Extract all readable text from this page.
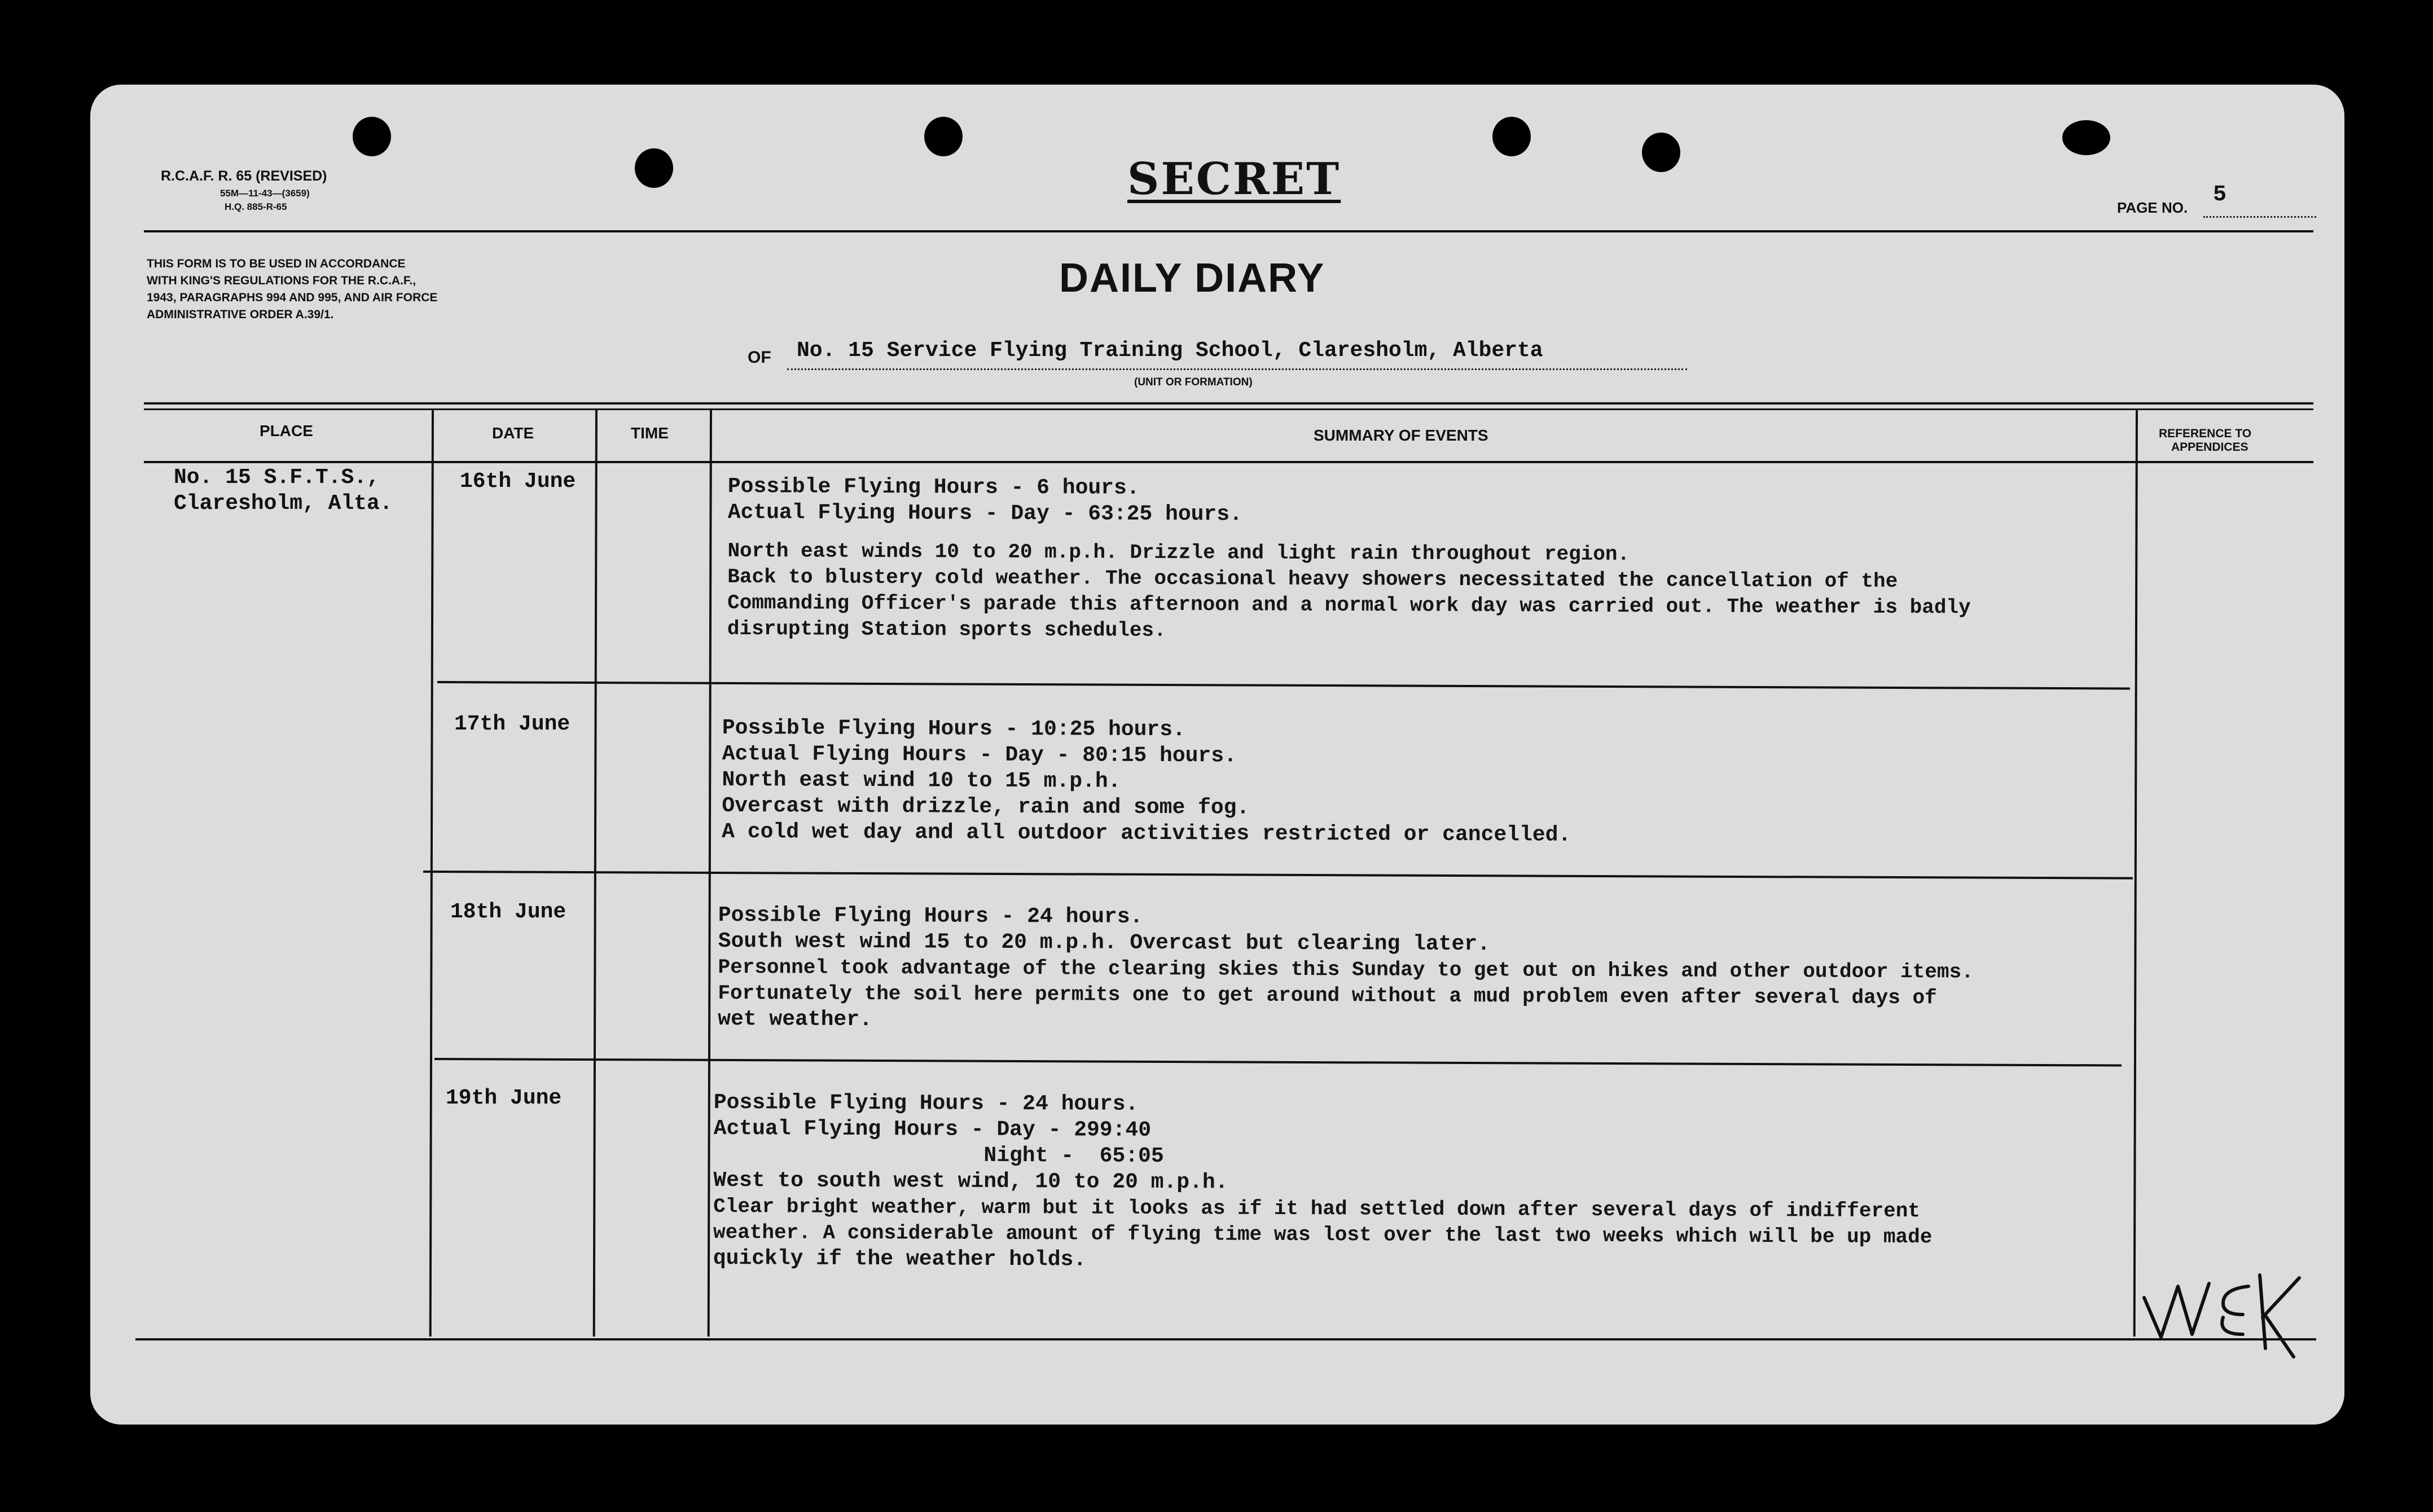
R.C.A.F. R. 65 (REVISED)
55M—11-43—(3659)
H.Q. 885-R-65
THIS FORM IS TO BE USED IN ACCORDANCE
WITH KING'S REGULATIONS FOR THE R.C.A.F.,
1943, PARAGRAPHS 994 AND 995, AND AIR FORCE
ADMINISTRATIVE ORDER A.39/1.
SECRET
PAGE NO. 5
DAILY DIARY
OF No. 15 Service Flying Training School, Claresholm, Alberta
(UNIT OR FORMATION)
PLACE	DATE	TIME	SUMMARY OF EVENTS	REFERENCE TO
APPENDICES
No. 15 S.F.T.S.,
Claresholm, Alta.
16th June	Possible Flying Hours - 6 hours.

Actual Flying Hours - Day - 63:25 hours.

North east winds 10 to 20 m.p.h. Drizzle and light rain throughout region.

Back to blustery cold weather. The occasional heavy showers necessitated the cancellation of the

Commanding Officer's parade this afternoon and a normal work day was carried out. The weather is badly

disrupting Station sports schedules.

17th June	Possible Flying Hours - 10:25 hours.

Actual Flying Hours - Day - 80:15 hours.

North east wind 10 to 15 m.p.h.

Overcast with drizzle, rain and some fog.

A cold wet day and all outdoor activities restricted or cancelled.

18th June	Possible Flying Hours - 24 hours.

South west wind 15 to 20 m.p.h. Overcast but clearing later.

Personnel took advantage of the clearing skies this Sunday to get out on hikes and other outdoor items.

Fortunately the soil here permits one to get around without a mud problem even after several days of

wet weather.

19th June	Possible Flying Hours - 24 hours.

Actual Flying Hours - Day - 299:40

Night -  65:05

West to south west wind, 10 to 20 m.p.h.

Clear bright weather, warm but it looks as if it had settled down after several days of indifferent

weather. A considerable amount of flying time was lost over the last two weeks which will be up made

quickly if the weather holds.
